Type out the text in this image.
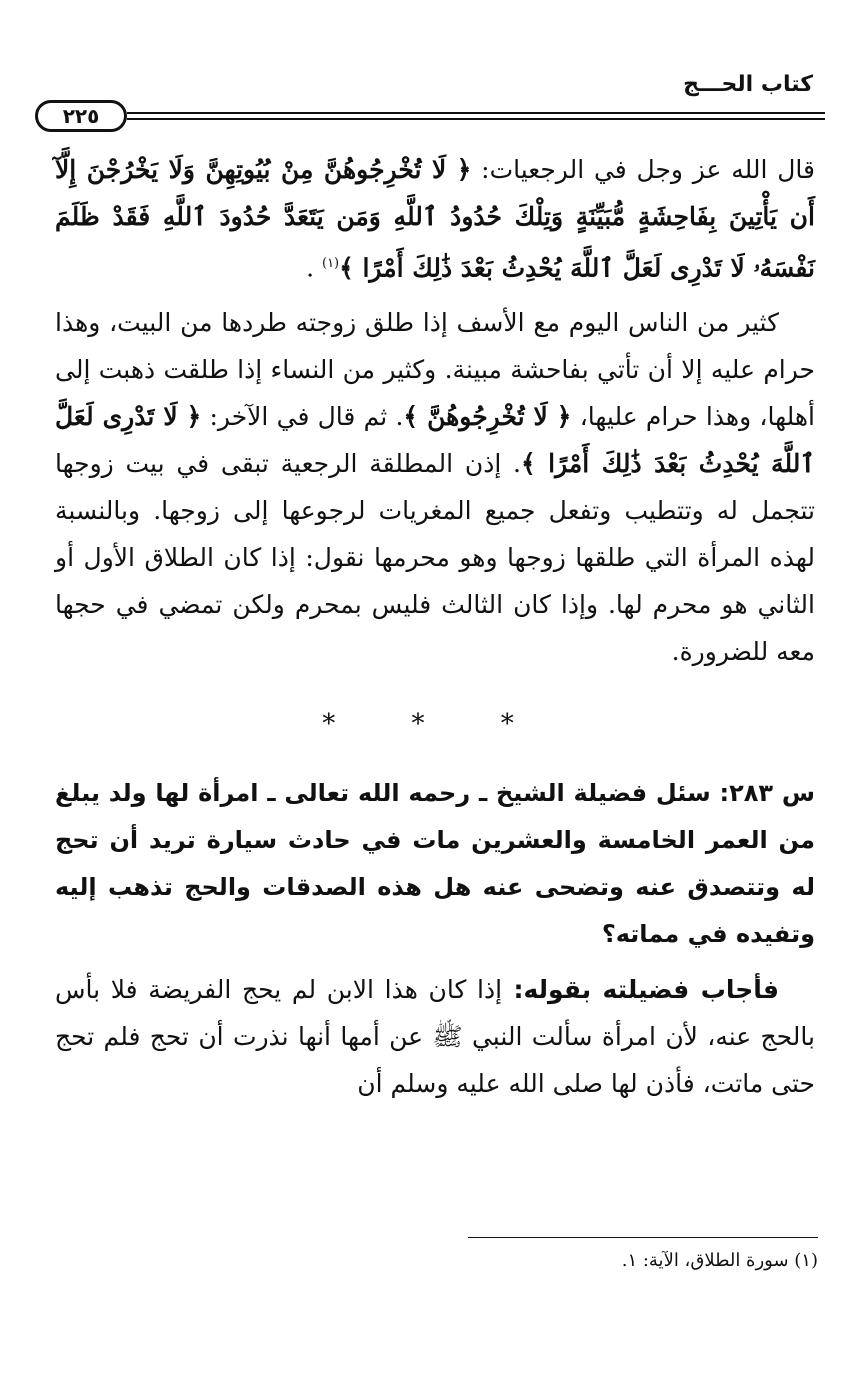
كتاب الحـــج
٢٢٥

قال الله عز وجل في الرجعيات: ﴿ لَا تُخْرِجُوهُنَّ مِنْ بُيُوتِهِنَّ وَلَا يَخْرُجْنَ إِلَّآ أَن يَأْتِينَ بِفَاحِشَةٍ مُّبَيِّنَةٍ وَتِلْكَ حُدُودُ ٱللَّهِ وَمَن يَتَعَدَّ حُدُودَ ٱللَّهِ فَقَدْ ظَلَمَ نَفْسَهُۥ لَا تَدْرِى لَعَلَّ ٱللَّهَ يُحْدِثُ بَعْدَ ذَٰلِكَ أَمْرًا ﴾$^{(١)}$ .

كثير من الناس اليوم مع الأسف إذا طلق زوجته طردها من البيت، وهذا حرام عليه إلا أن تأتي بفاحشة مبينة. وكثير من النساء إذا طلقت ذهبت إلى أهلها، وهذا حرام عليها، ﴿ لَا تُخْرِجُوهُنَّ ﴾. ثم قال في الآخر: ﴿ لَا تَدْرِى لَعَلَّ ٱللَّهَ يُحْدِثُ بَعْدَ ذَٰلِكَ أَمْرًا ﴾. إذن المطلقة الرجعية تبقى في بيت زوجها تتجمل له وتتطيب وتفعل جميع المغريات لرجوعها إلى زوجها. وبالنسبة لهذه المرأة التي طلقها زوجها وهو محرمها نقول: إذا كان الطلاق الأول أو الثاني هو محرم لها. وإذا كان الثالث فليس بمحرم ولكن تمضي في حجها معه للضرورة.

* * *

س ٢٨٣: سئل فضيلة الشيخ ـ رحمه الله تعالى ـ امرأة لها ولد يبلغ من العمر الخامسة والعشرين مات في حادث سيارة تريد أن تحج له وتتصدق عنه وتضحى عنه هل هذه الصدقات والحج تذهب إليه وتفيده في مماته؟

فأجاب فضيلته بقوله: إذا كان هذا الابن لم يحج الفريضة فلا بأس بالحج عنه، لأن امرأة سألت النبي ﷺ عن أمها أنها نذرت أن تحج فلم تحج حتى ماتت، فأذن لها صلى الله عليه وسلم أن

(١) سورة الطلاق، الآية: ١.
